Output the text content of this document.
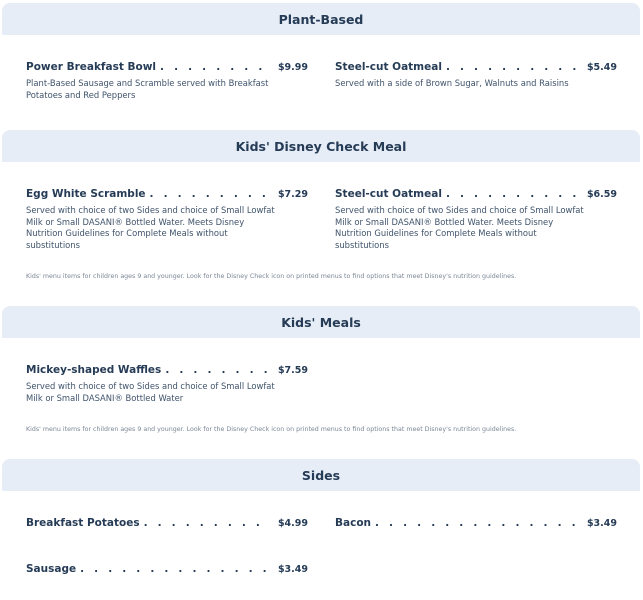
Plant-Based
Power Breakfast Bowl . . .	$9.99
Plant-Based Sausage and Scramble served with Breakfast Potatoes and Red Peppers
Steel-cut Oatmeal . . .	$5.49
Served with a side of Brown Sugar, Walnuts and Raisins
Kids' Disney Check Meal
Egg White Scramble . . .	$7.29
Served with choice of two Sides and choice of Small Lowfat Milk or Small DASANI® Bottled Water. Meets Disney Nutrition Guidelines for Complete Meals without substitutions
Steel-cut Oatmeal . . .	$6.59
Served with choice of two Sides and choice of Small Lowfat Milk or Small DASANI® Bottled Water. Meets Disney Nutrition Guidelines for Complete Meals without substitutions
Kids' menu items for children ages 9 and younger. Look for the Disney Check icon on printed menus to find options that meet Disney's nutrition guidelines.
Kids' Meals
Mickey-shaped Waffles . . .	$7.59
Served with choice of two Sides and choice of Small Lowfat Milk or Small DASANI® Bottled Water
Kids' menu items for children ages 9 and younger. Look for the Disney Check icon on printed menus to find options that meet Disney's nutrition guidelines.
Sides
Breakfast Potatoes . . .	$4.99	Bacon . . .	$3.49
Sausage . . .	$3.49
